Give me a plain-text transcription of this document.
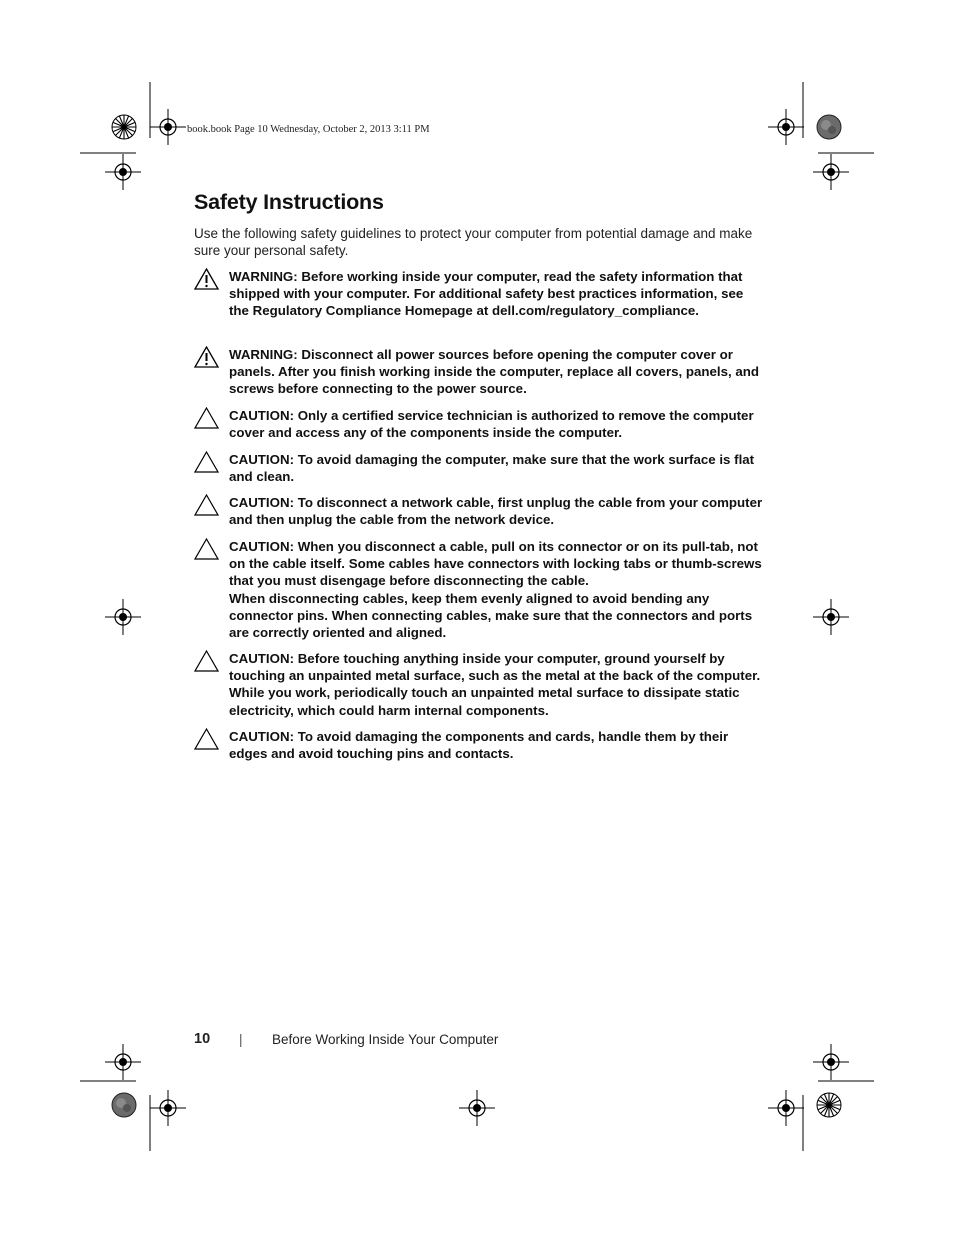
book.book Page 10 Wednesday, October 2, 2013 3:11 PM
Safety Instructions

Use the following safety guidelines to protect your computer from potential damage and make sure your personal safety.

WARNING: Before working inside your computer, read the safety information that shipped with your computer. For additional safety best practices information, see the Regulatory Compliance Homepage at dell.com/regulatory_compliance.

WARNING: Disconnect all power sources before opening the computer cover or panels. After you finish working inside the computer, replace all covers, panels, and screws before connecting to the power source.

CAUTION: Only a certified service technician is authorized to remove the computer cover and access any of the components inside the computer.

CAUTION: To avoid damaging the computer, make sure that the work surface is flat and clean.

CAUTION: To disconnect a network cable, first unplug the cable from your computer and then unplug the cable from the network device.

CAUTION: When you disconnect a cable, pull on its connector or on its pull-tab, not on the cable itself. Some cables have connectors with locking tabs or thumb-screws that you must disengage before disconnecting the cable.

When disconnecting cables, keep them evenly aligned to avoid bending any connector pins. When connecting cables, make sure that the connectors and ports are correctly oriented and aligned.

CAUTION: Before touching anything inside your computer, ground yourself by touching an unpainted metal surface, such as the metal at the back of the computer. While you work, periodically touch an unpainted metal surface to dissipate static electricity, which could harm internal components.

CAUTION: To avoid damaging the components and cards, handle them by their edges and avoid touching pins and contacts.

10 | Before Working Inside Your Computer
